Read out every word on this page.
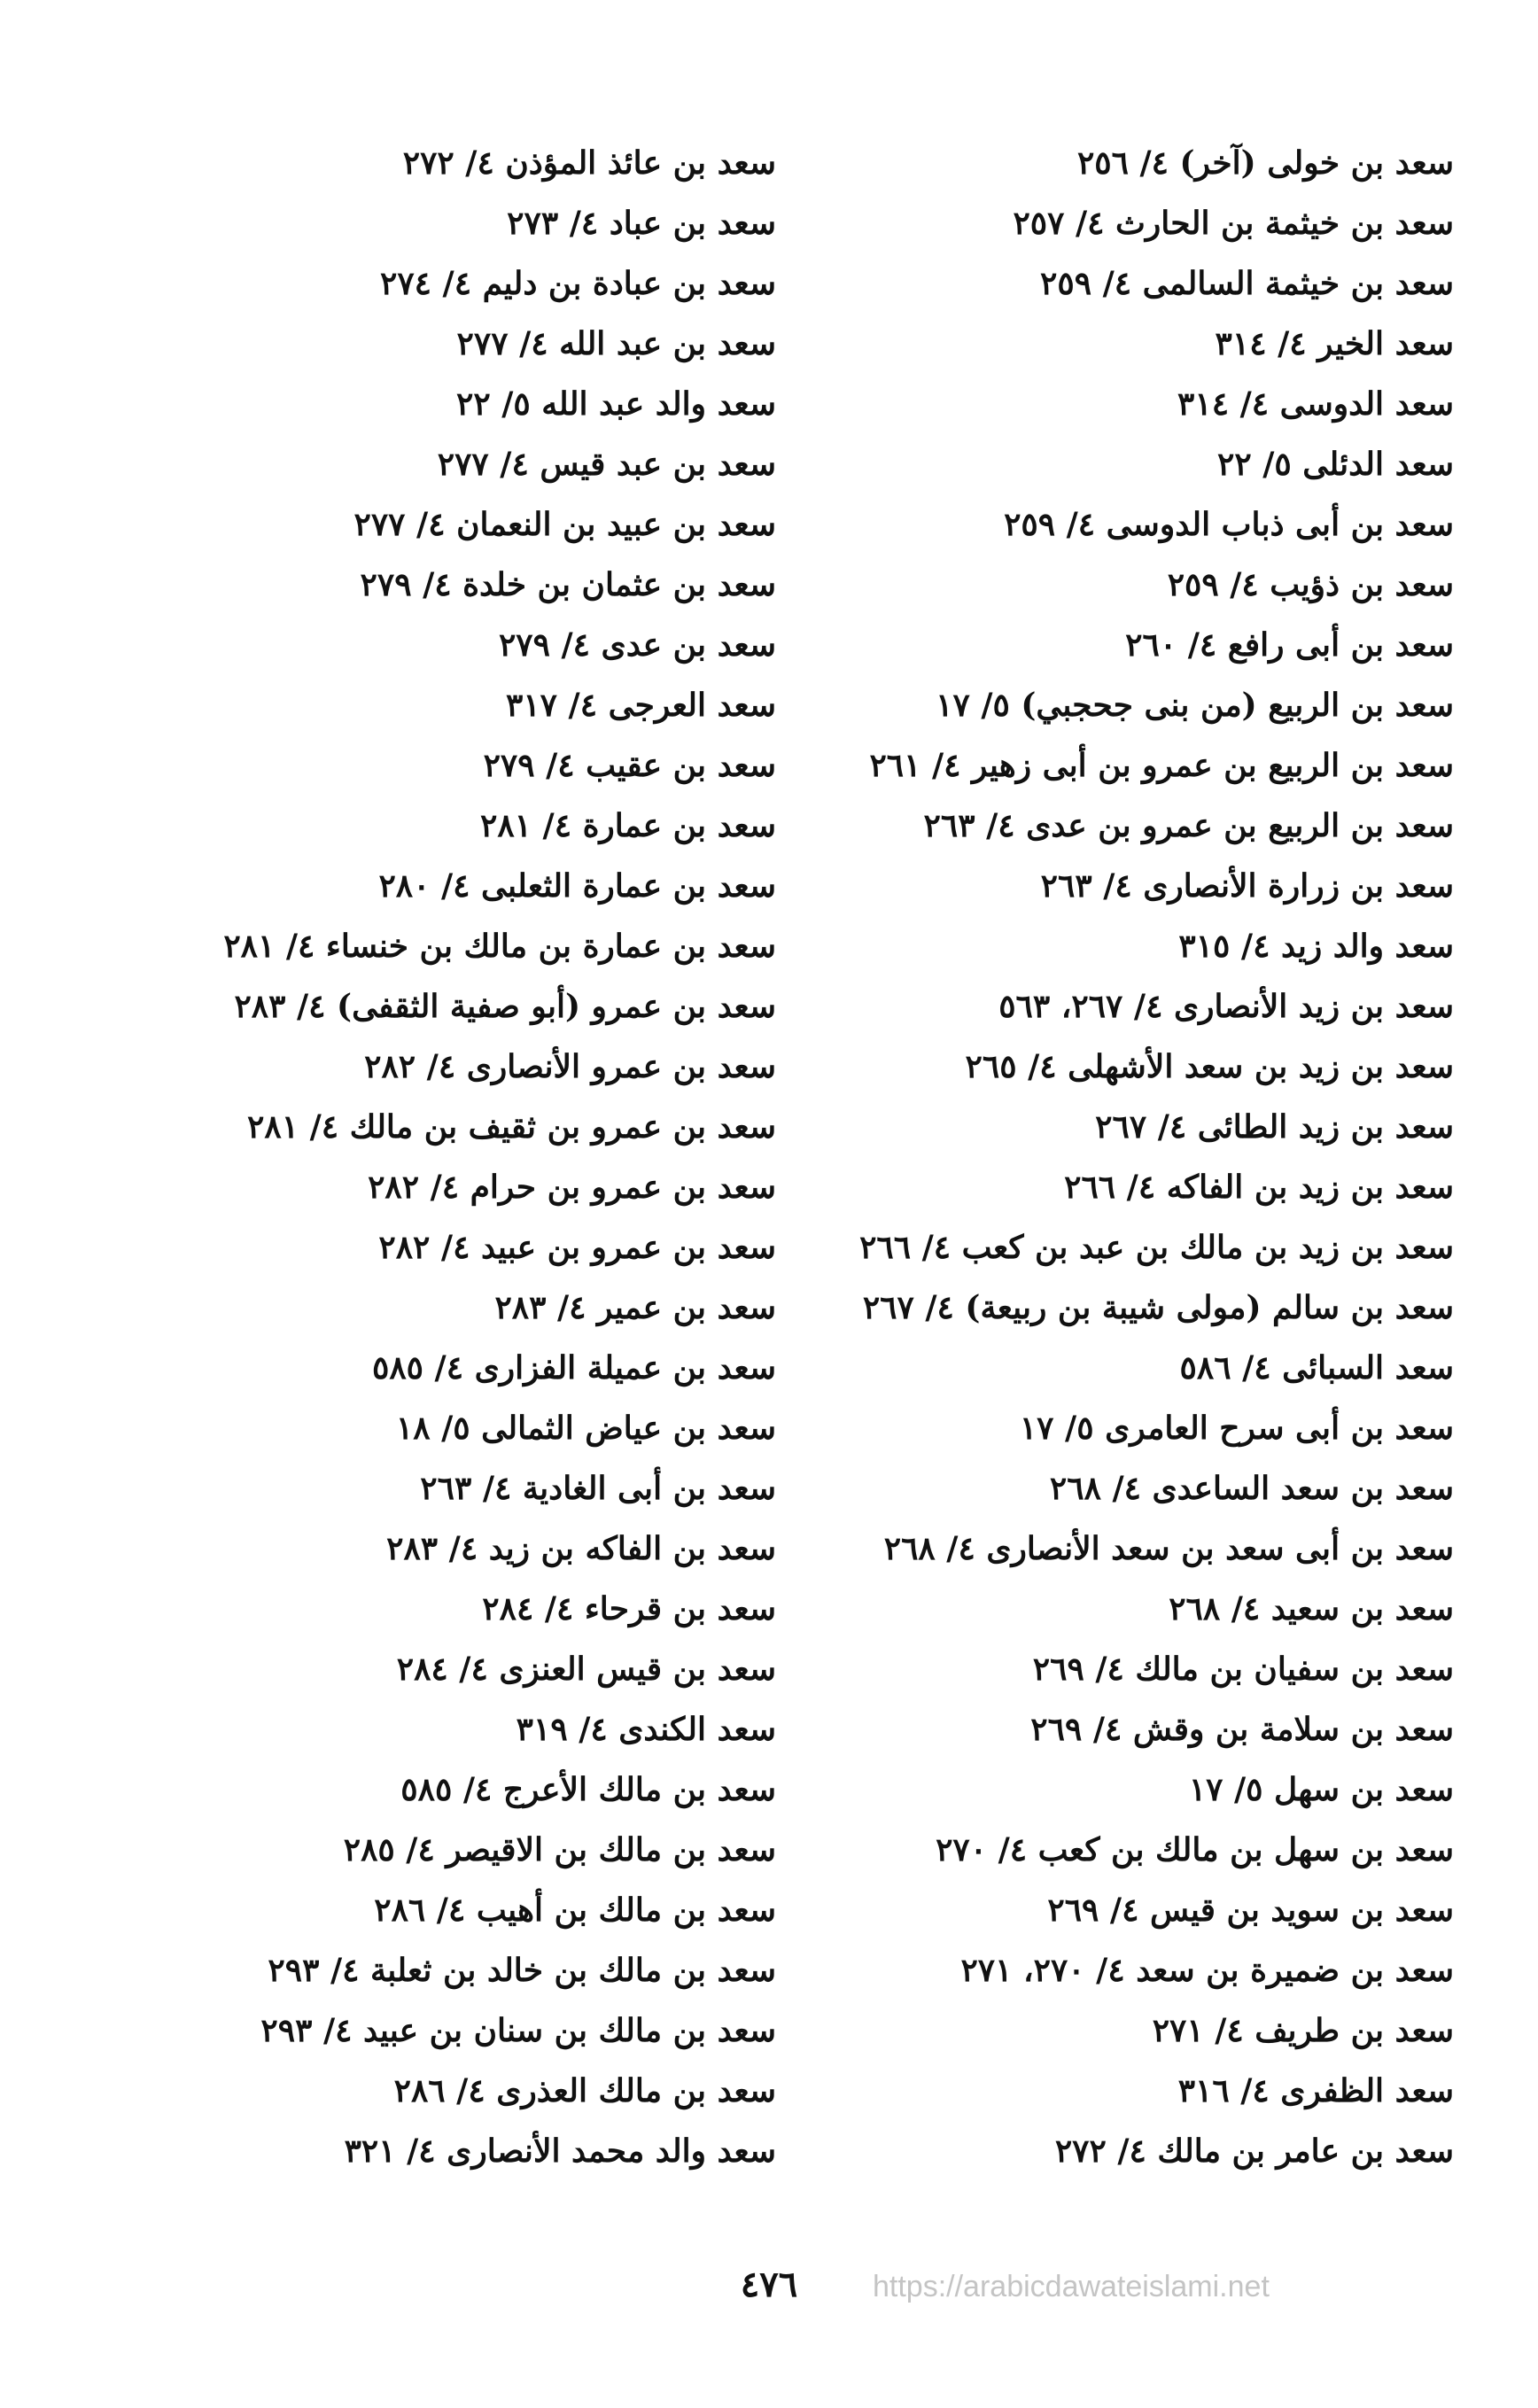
سعد بن خولى (آخر) ٤/ ٢٥٦
سعد بن خيثمة بن الحارث ٤/ ٢٥٧
سعد بن خيثمة السالمى ٤/ ٢٥٩
سعد الخير ٤/ ٣١٤
سعد الدوسى ٤/ ٣١٤
سعد الدئلى ٥/ ٢٢
سعد بن أبى ذباب الدوسى ٤/ ٢٥٩
سعد بن ذؤيب ٤/ ٢٥٩
سعد بن أبى رافع ٤/ ٢٦٠
سعد بن الربيع (من بنى جحجبي) ٥/ ١٧
سعد بن الربيع بن عمرو بن أبى زهير ٤/ ٢٦١
سعد بن الربيع بن عمرو بن عدى ٤/ ٢٦٣
سعد بن زرارة الأنصارى ٤/ ٢٦٣
سعد والد زيد ٤/ ٣١٥
سعد بن زيد الأنصارى ٤/ ٢٦٧، ٥٦٣
سعد بن زيد بن سعد الأشهلى ٤/ ٢٦٥
سعد بن زيد الطائى ٤/ ٢٦٧
سعد بن زيد بن الفاكه ٤/ ٢٦٦
سعد بن زيد بن مالك بن عبد بن كعب ٤/ ٢٦٦
سعد بن سالم (مولى شيبة بن ربيعة) ٤/ ٢٦٧
سعد السبائى ٤/ ٥٨٦
سعد بن أبى سرح العامرى ٥/ ١٧
سعد بن سعد الساعدى ٤/ ٢٦٨
سعد بن أبى سعد بن سعد الأنصارى ٤/ ٢٦٨
سعد بن سعيد ٤/ ٢٦٨
سعد بن سفيان بن مالك ٤/ ٢٦٩
سعد بن سلامة بن وقش ٤/ ٢٦٩
سعد بن سهل ٥/ ١٧
سعد بن سهل بن مالك بن كعب ٤/ ٢٧٠
سعد بن سويد بن قيس ٤/ ٢٦٩
سعد بن ضميرة بن سعد ٤/ ٢٧٠، ٢٧١
سعد بن طريف ٤/ ٢٧١
سعد الظفرى ٤/ ٣١٦
سعد بن عامر بن مالك ٤/ ٢٧٢
سعد بن عائذ المؤذن ٤/ ٢٧٢
سعد بن عباد ٤/ ٢٧٣
سعد بن عبادة بن دليم ٤/ ٢٧٤
سعد بن عبد الله ٤/ ٢٧٧
سعد والد عبد الله ٥/ ٢٢
سعد بن عبد قيس ٤/ ٢٧٧
سعد بن عبيد بن النعمان ٤/ ٢٧٧
سعد بن عثمان بن خلدة ٤/ ٢٧٩
سعد بن عدى ٤/ ٢٧٩
سعد العرجى ٤/ ٣١٧
سعد بن عقيب ٤/ ٢٧٩
سعد بن عمارة ٤/ ٢٨١
سعد بن عمارة الثعلبى ٤/ ٢٨٠
سعد بن عمارة بن مالك بن خنساء ٤/ ٢٨١
سعد بن عمرو (أبو صفية الثقفى) ٤/ ٢٨٣
سعد بن عمرو الأنصارى ٤/ ٢٨٢
سعد بن عمرو بن ثقيف بن مالك ٤/ ٢٨١
سعد بن عمرو بن حرام ٤/ ٢٨٢
سعد بن عمرو بن عبيد ٤/ ٢٨٢
سعد بن عمير ٤/ ٢٨٣
سعد بن عميلة الفزارى ٤/ ٥٨٥
سعد بن عياض الثمالى ٥/ ١٨
سعد بن أبى الغادية ٤/ ٢٦٣
سعد بن الفاكه بن زيد ٤/ ٢٨٣
سعد بن قرحاء ٤/ ٢٨٤
سعد بن قيس العنزى ٤/ ٢٨٤
سعد الكندى ٤/ ٣١٩
سعد بن مالك الأعرج ٤/ ٥٨٥
سعد بن مالك بن الاقيصر ٤/ ٢٨٥
سعد بن مالك بن أهيب ٤/ ٢٨٦
سعد بن مالك بن خالد بن ثعلبة ٤/ ٢٩٣
سعد بن مالك بن سنان بن عبيد ٤/ ٢٩٣
سعد بن مالك العذرى ٤/ ٢٨٦
سعد والد محمد الأنصارى ٤/ ٣٢١
٤٧٦	https://arabicdawateislami.net
